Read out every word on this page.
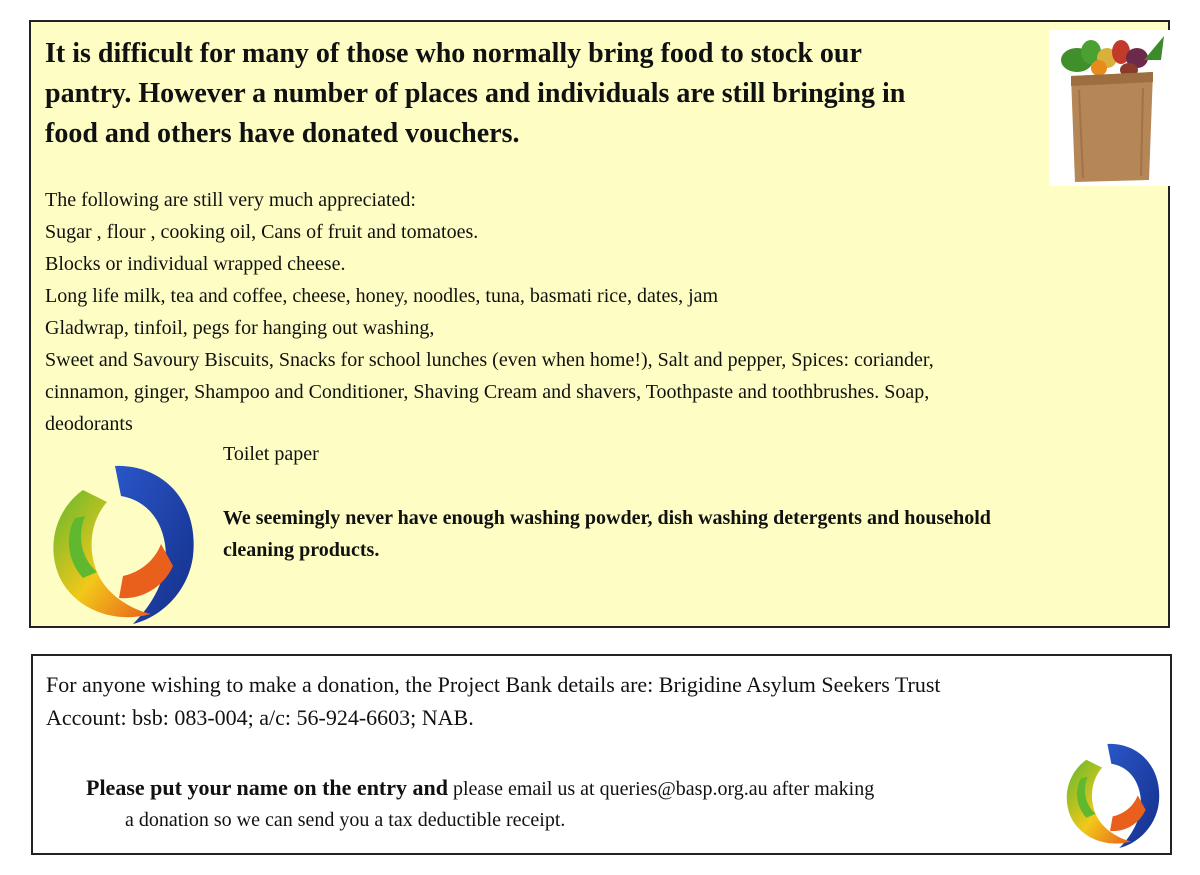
It is difficult for many of those who normally bring food to stock our
pantry. However a number of places and individuals are still bringing in
food and others have donated vouchers.
The following are still very much appreciated:
Sugar , flour , cooking oil, Cans of fruit and tomatoes.
Blocks or individual wrapped cheese.
Long life milk, tea and coffee, cheese, honey, noodles, tuna, basmati rice, dates, jam
Gladwrap, tinfoil, pegs for hanging out washing,
Sweet and Savoury Biscuits, Snacks for school lunches (even when home!), Salt and pepper, Spices: coriander,
cinnamon, ginger, Shampoo and Conditioner, Shaving Cream and shavers, Toothpaste and toothbrushes. Soap,
deodorants
Toilet paper
We seemingly never have enough washing powder, dish washing detergents and household
cleaning products.
For anyone wishing to make a donation, the Project Bank details are: Brigidine Asylum Seekers Trust
Account: bsb: 083-004; a/c: 56-924-6603; NAB.
Please put your name on the entry and please email us at queries@basp.org.au after making
a donation so we can send you a tax deductible receipt.
